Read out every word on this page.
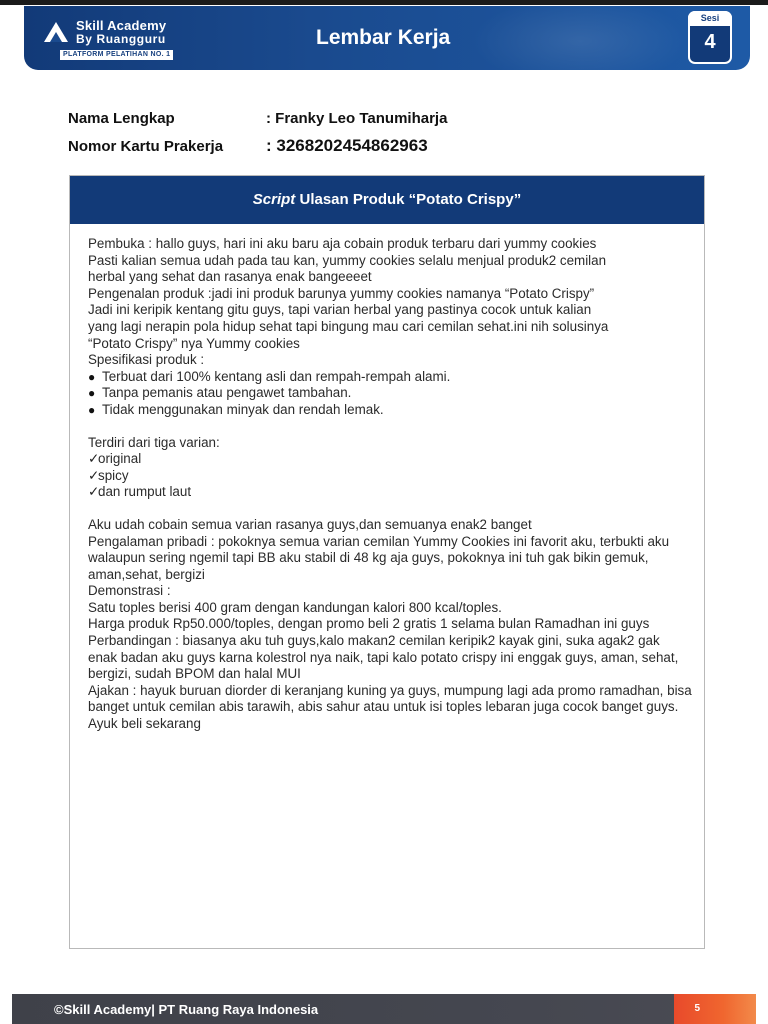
Skill Academy
By Ruangguru
PLATFORM PELATIHAN NO. 1
Lembar Kerja
Sesi
4
Nama Lengkap	: Franky Leo Tanumiharja
Nomor Kartu Prakerja	: 3268202454862963
Script Ulasan Produk “Potato Crispy”

Pembuka : hallo guys, hari ini aku baru aja cobain produk terbaru dari yummy cookies

Pasti kalian semua udah pada tau kan, yummy cookies selalu menjual produk2 cemilan

herbal yang sehat dan rasanya enak bangeeeet

Pengenalan produk :jadi ini produk barunya yummy cookies namanya “Potato Crispy”

Jadi ini keripik kentang gitu guys, tapi varian herbal yang pastinya cocok untuk kalian

yang lagi nerapin pola hidup sehat tapi bingung mau cari cemilan sehat.ini nih solusinya

“Potato Crispy” nya Yummy cookies

Spesifikasi produk :

● Terbuat dari 100% kentang asli dan rempah-rempah alami.

● Tanpa pemanis atau pengawet tambahan.

● Tidak menggunakan minyak dan rendah lemak.

Terdiri dari tiga varian:

✓ original

✓ spicy

✓ dan rumput laut

Aku udah cobain semua varian rasanya guys,dan semuanya enak2 banget

Pengalaman pribadi : pokoknya semua varian cemilan Yummy Cookies ini favorit aku, terbukti aku walaupun sering ngemil tapi BB aku stabil di 48 kg aja guys, pokoknya ini tuh gak bikin gemuk, aman,sehat, bergizi

Demonstrasi :

Satu toples berisi 400 gram dengan kandungan kalori 800 kcal/toples.

Harga produk Rp50.000/toples, dengan promo beli 2 gratis 1 selama bulan Ramadhan ini guys

Perbandingan : biasanya aku tuh guys,kalo makan2 cemilan keripik2 kayak gini, suka agak2 gak enak badan aku guys karna kolestrol nya naik, tapi kalo potato crispy ini enggak guys, aman, sehat, bergizi, sudah BPOM dan halal MUI

Ajakan : hayuk buruan diorder di keranjang kuning ya guys, mumpung lagi ada promo ramadhan, bisa banget untuk cemilan abis tarawih, abis sahur atau untuk isi toples lebaran juga cocok banget guys. Ayuk beli sekarang

©Skill Academy| PT Ruang Raya Indonesia	5
